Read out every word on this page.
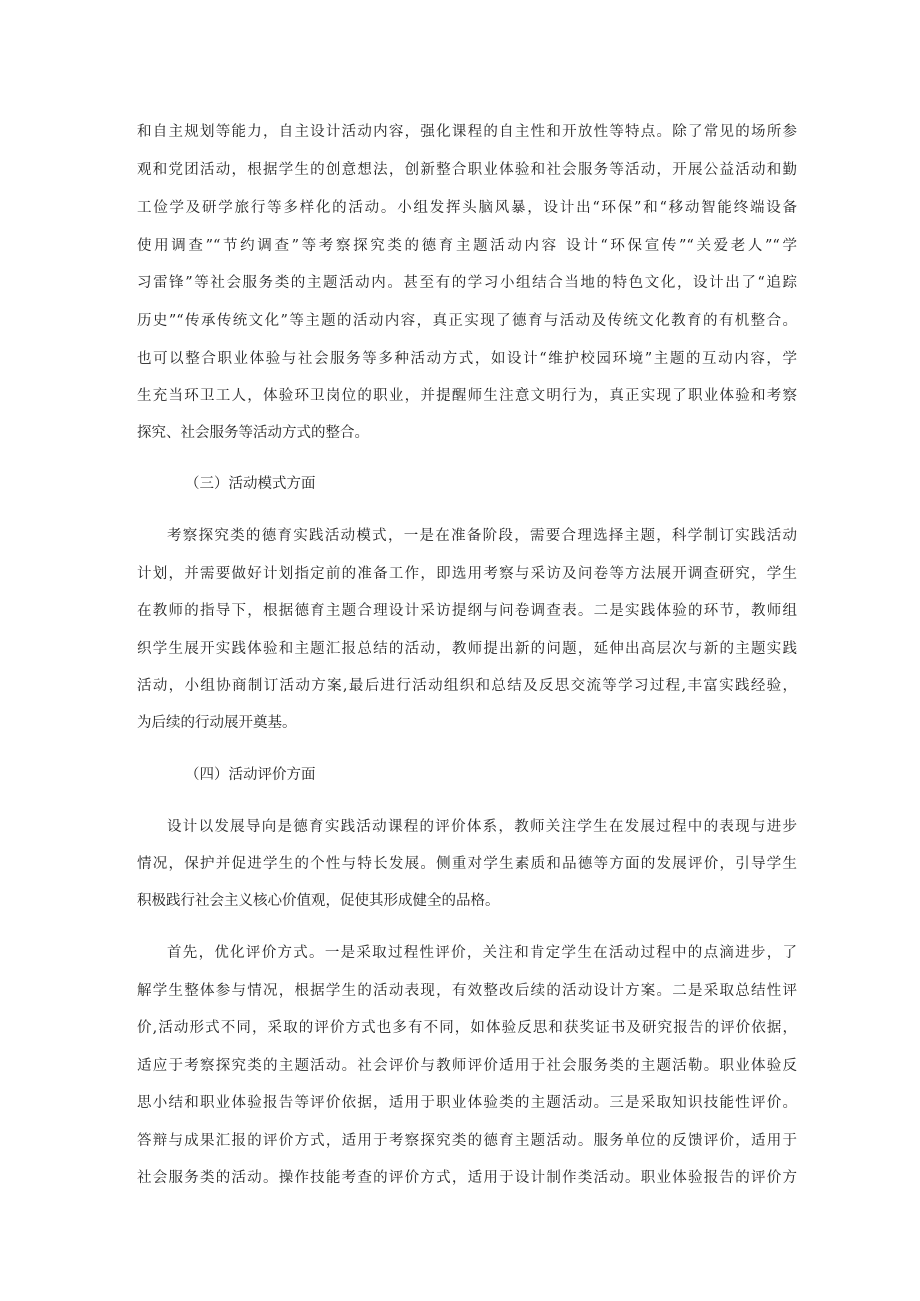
和自主规划等能力，自主设计活动内容，强化课程的自主性和开放性等特点。除了常见的场所参
观和党团活动，根据学生的创意想法，创新整合职业体验和社会服务等活动，开展公益活动和勤
工俭学及研学旅行等多样化的活动。小组发挥头脑风暴，设计出“环保”和“移动智能终端设备
使用调查”“节约调查”等考察探究类的德育主题活动内容 设计“环保宣传”“关爱老人”“学
习雷锋”等社会服务类的主题活动内。甚至有的学习小组结合当地的特色文化，设计出了“追踪
历史”“传承传统文化”等主题的活动内容，真正实现了德育与活动及传统文化教育的有机整合。
也可以整合职业体验与社会服务等多种活动方式，如设计“维护校园环境”主题的互动内容，学
生充当环卫工人，体验环卫岗位的职业，并提醒师生注意文明行为，真正实现了职业体验和考察
探究、社会服务等活动方式的整合。
（三）活动模式方面
考察探究类的德育实践活动模式，一是在准备阶段，需要合理选择主题，科学制订实践活动
计划，并需要做好计划指定前的准备工作，即选用考察与采访及问卷等方法展开调查研究，学生
在教师的指导下，根据德育主题合理设计采访提纲与问卷调查表。二是实践体验的环节，教师组
织学生展开实践体验和主题汇报总结的活动，教师提出新的问题，延伸出高层次与新的主题实践
活动，小组协商制订活动方案,最后进行活动组织和总结及反思交流等学习过程,丰富实践经验，
为后续的行动展开奠基。
（四）活动评价方面
设计以发展导向是德育实践活动课程的评价体系，教师关注学生在发展过程中的表现与进步
情况，保护并促进学生的个性与特长发展。侧重对学生素质和品德等方面的发展评价，引导学生
积极践行社会主义核心价值观，促使其形成健全的品格。
首先，优化评价方式。一是采取过程性评价，关注和肯定学生在活动过程中的点滴进步，了
解学生整体参与情况，根据学生的活动表现，有效整改后续的活动设计方案。二是采取总结性评
价,活动形式不同，采取的评价方式也多有不同，如体验反思和获奖证书及研究报告的评价依据，
适应于考察探究类的主题活动。社会评价与教师评价适用于社会服务类的主题活勒。职业体验反
思小结和职业体验报告等评价依据，适用于职业体验类的主题活动。三是采取知识技能性评价。
答辩与成果汇报的评价方式，适用于考察探究类的德育主题活动。服务单位的反馈评价，适用于
社会服务类的活动。操作技能考查的评价方式，适用于设计制作类活动。职业体验报告的评价方
